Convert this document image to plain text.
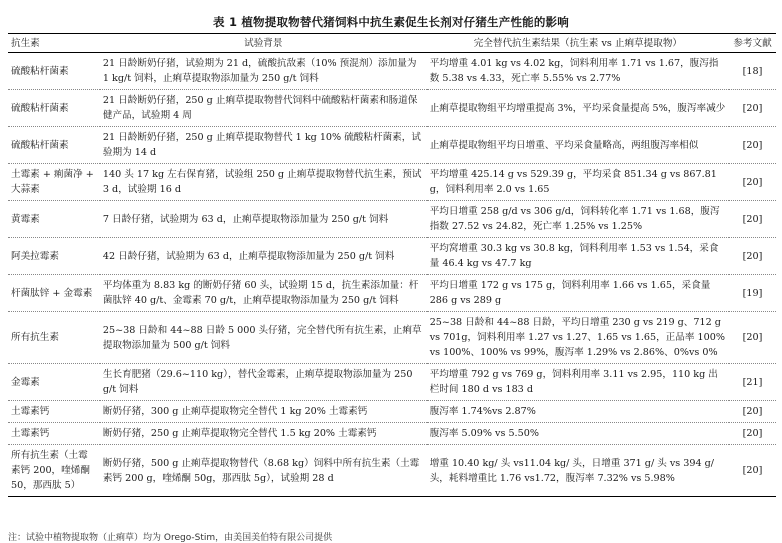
表 1 植物提取物替代猪饲料中抗生素促生长剂对仔猪生产性能的影响
抗生素	试验背景	完全替代抗生素结果（抗生素 vs 止痢草提取物）	参考文献
硫酸粘杆菌素	21 日龄断奶仔猪，试验期为 21 d，硫酸抗敌素（10% 预混剂）添加量为 1 kg/t 饲料，止痢草提取物添加量为 250 g/t 饲料	平均增重 4.01 kg vs 4.02 kg，饲料利用率 1.71 vs 1.67，腹泻指数 5.38 vs 4.33，死亡率 5.55% vs 2.77%	[18]
硫酸粘杆菌素	21 日龄断奶仔猪，250 g 止痢草提取物替代饲料中硫酸粘杆菌素和肠道保健产品，试验期 4 周	止痢草提取物组平均增重提高 3%，平均采食量提高 5%，腹泻率减少	[20]
硫酸粘杆菌素	21 日龄断奶仔猪，250 g 止痢草提取物替代 1 kg 10% 硫酸粘杆菌素，试验期为 14 d	止痢草提取物组平均日增重、平均采食量略高，两组腹泻率相似	[20]
土霉素 + 痢菌净 + 大蒜素	140 头 17 kg 左右保育猪，试验组 250 g 止痢草提取物替代抗生素，预试 3 d，试验期 16 d	平均增重 425.14 g vs 529.39 g，平均采食 851.34 g vs 867.81 g，饲料利用率 2.0 vs 1.65	[20]
黄霉素	7 日龄仔猪，试验期为 63 d，止痢草提取物添加量为 250 g/t 饲料	平均日增重 258 g/d vs 306 g/d，饲料转化率 1.71 vs 1.68，腹泻指数 27.52 vs 24.82，死亡率 1.25% vs 1.25%	[20]
阿美拉霉素	42 日龄仔猪，试验期为 63 d，止痢草提取物添加量为 250 g/t 饲料	平均窝增重 30.3 kg vs 30.8 kg，饲料利用率 1.53 vs 1.54，采食量 46.4 kg vs 47.7 kg	[20]
杆菌肽锌 + 金霉素	平均体重为 8.83 kg 的断奶仔猪 60 头，试验期 15 d，抗生素添加量：杆菌肽锌 40 g/t、金霉素 70 g/t，止痢草提取物添加量为 250 g/t 饲料	平均日增重 172 g vs 175 g，饲料利用率 1.66 vs 1.65，采食量 286 g vs 289 g	[19]
所有抗生素	25~38 日龄和 44~88 日龄 5 000 头仔猪，完全替代所有抗生素，止痢草提取物添加量为 500 g/t 饲料	25~38 日龄和 44~88 日龄，平均日增重 230 g vs 219 g、712 g vs 701g，饲料利用率 1.27 vs 1.27、1.65 vs 1.65，正品率 100% vs 100%、100% vs 99%，腹泻率 1.29% vs 2.86%、0%vs 0%	[20]
金霉素	生长育肥猪（29.6~110 kg），替代金霉素，止痢草提取物添加量为 250 g/t 饲料	平均增重 792 g vs 769 g，饲料利用率 3.11 vs 2.95，110 kg 出栏时间 180 d vs 183 d	[21]
土霉素钙	断奶仔猪，300 g 止痢草提取物完全替代 1 kg 20% 土霉素钙	腹泻率 1.74%vs 2.87%	[20]
土霉素钙	断奶仔猪，250 g 止痢草提取物完全替代 1.5 kg 20% 土霉素钙	腹泻率 5.09% vs 5.50%	[20]
所有抗生素（土霉素钙 200，喹烯酮 50，那西肽 5）	断奶仔猪，500 g 止痢草提取物替代（8.68 kg）饲料中所有抗生素（土霉素钙 200 g，喹烯酮 50g，那西肽 5g），试验期 28 d	增重 10.40 kg/ 头 vs11.04 kg/ 头，日增重 371 g/ 头 vs 394 g/ 头，耗料增重比 1.76 vs1.72，腹泻率 7.32% vs 5.98%	[20]
注：试验中植物提取物（止痢草）均为 Orego-Stim，由美国美伯特有限公司提供
